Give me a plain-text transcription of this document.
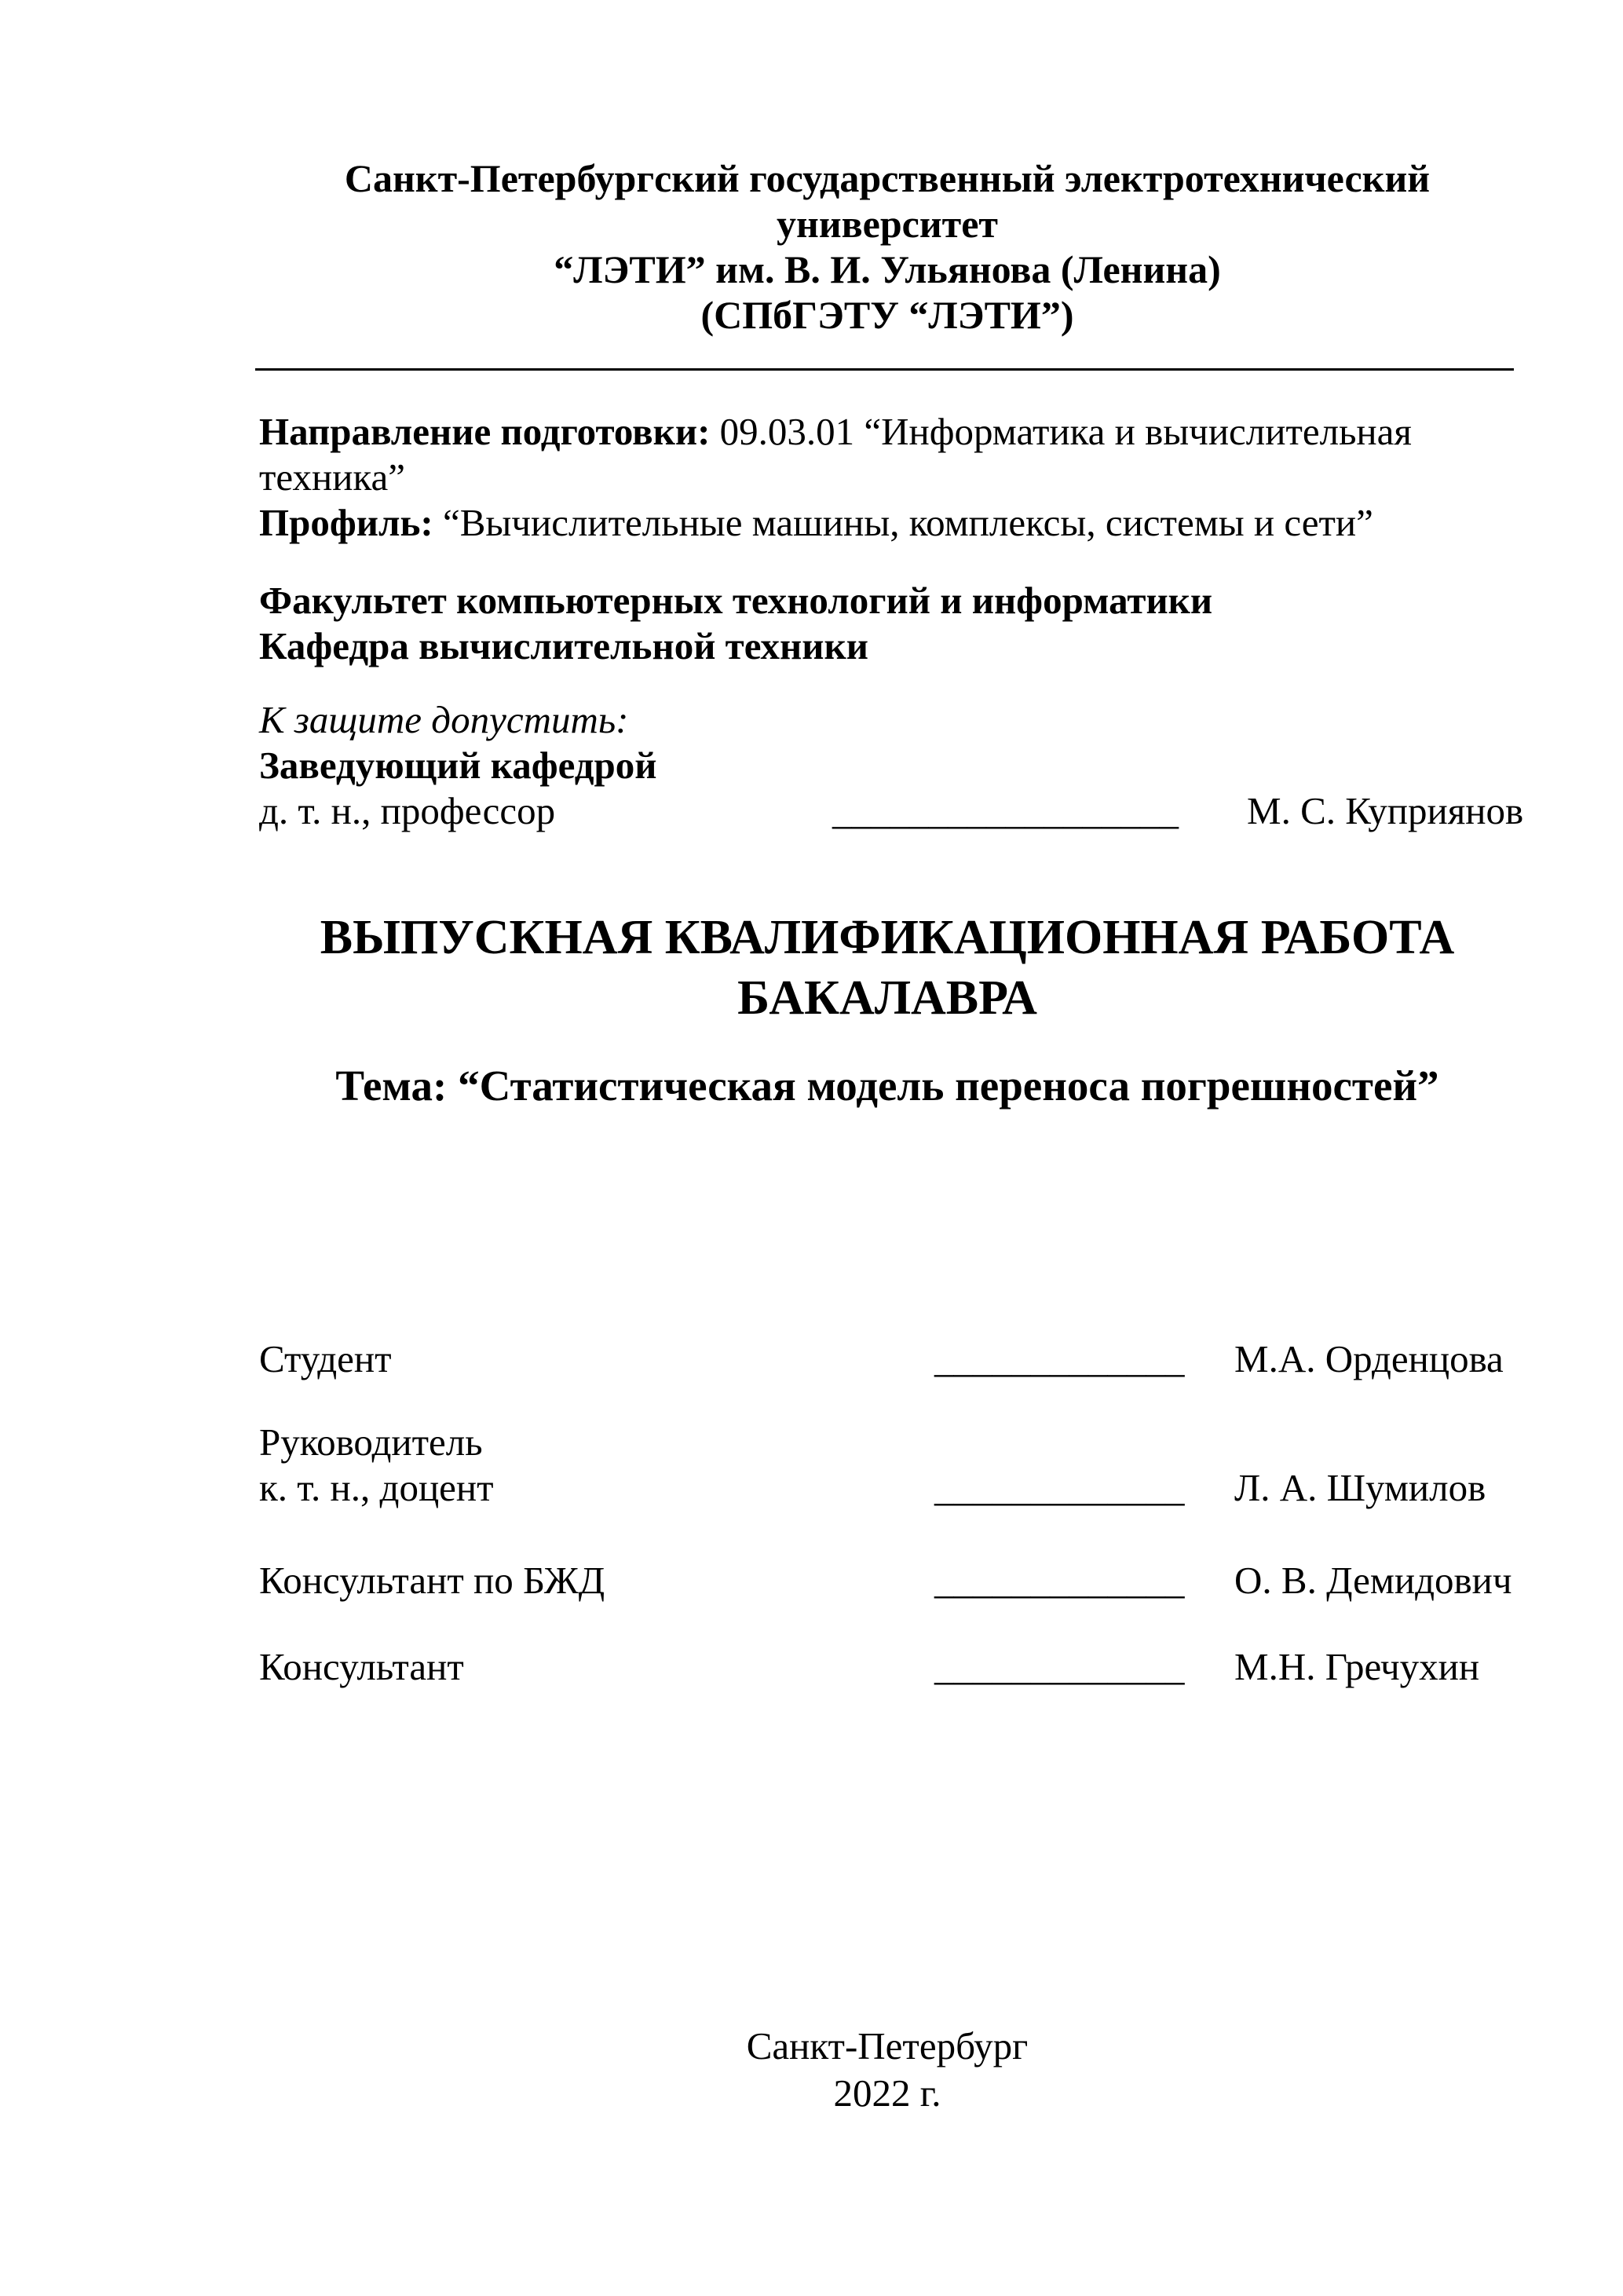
Санкт-Петербургский государственный электротехнический
университет
“ЛЭТИ” им. В. И. Ульянова (Ленина)
(СПбГЭТУ “ЛЭТИ”)
Направление подготовки: 09.03.01 “Информатика и вычислительная
техника”
Профиль: “Вычислительные машины, комплексы, системы и сети”
Факультет компьютерных технологий и информатики
Кафедра вычислительной техники
К защите допустить:
Заведующий кафедрой
д. т. н., профессор	__________________ М. С. Куприянов
ВЫПУСКНАЯ КВАЛИФИКАЦИОННАЯ РАБОТА
БАКАЛАВРА
Тема: “Статистическая модель переноса погрешностей”
Студент	_____________ М.А. Орденцова
Руководитель
к. т. н., доцент	_____________ Л. А. Шумилов
Консультант по БЖД	_____________ О. В. Демидович
Консультант	_____________ М.Н. Гречухин
Санкт-Петербург
2022 г.
